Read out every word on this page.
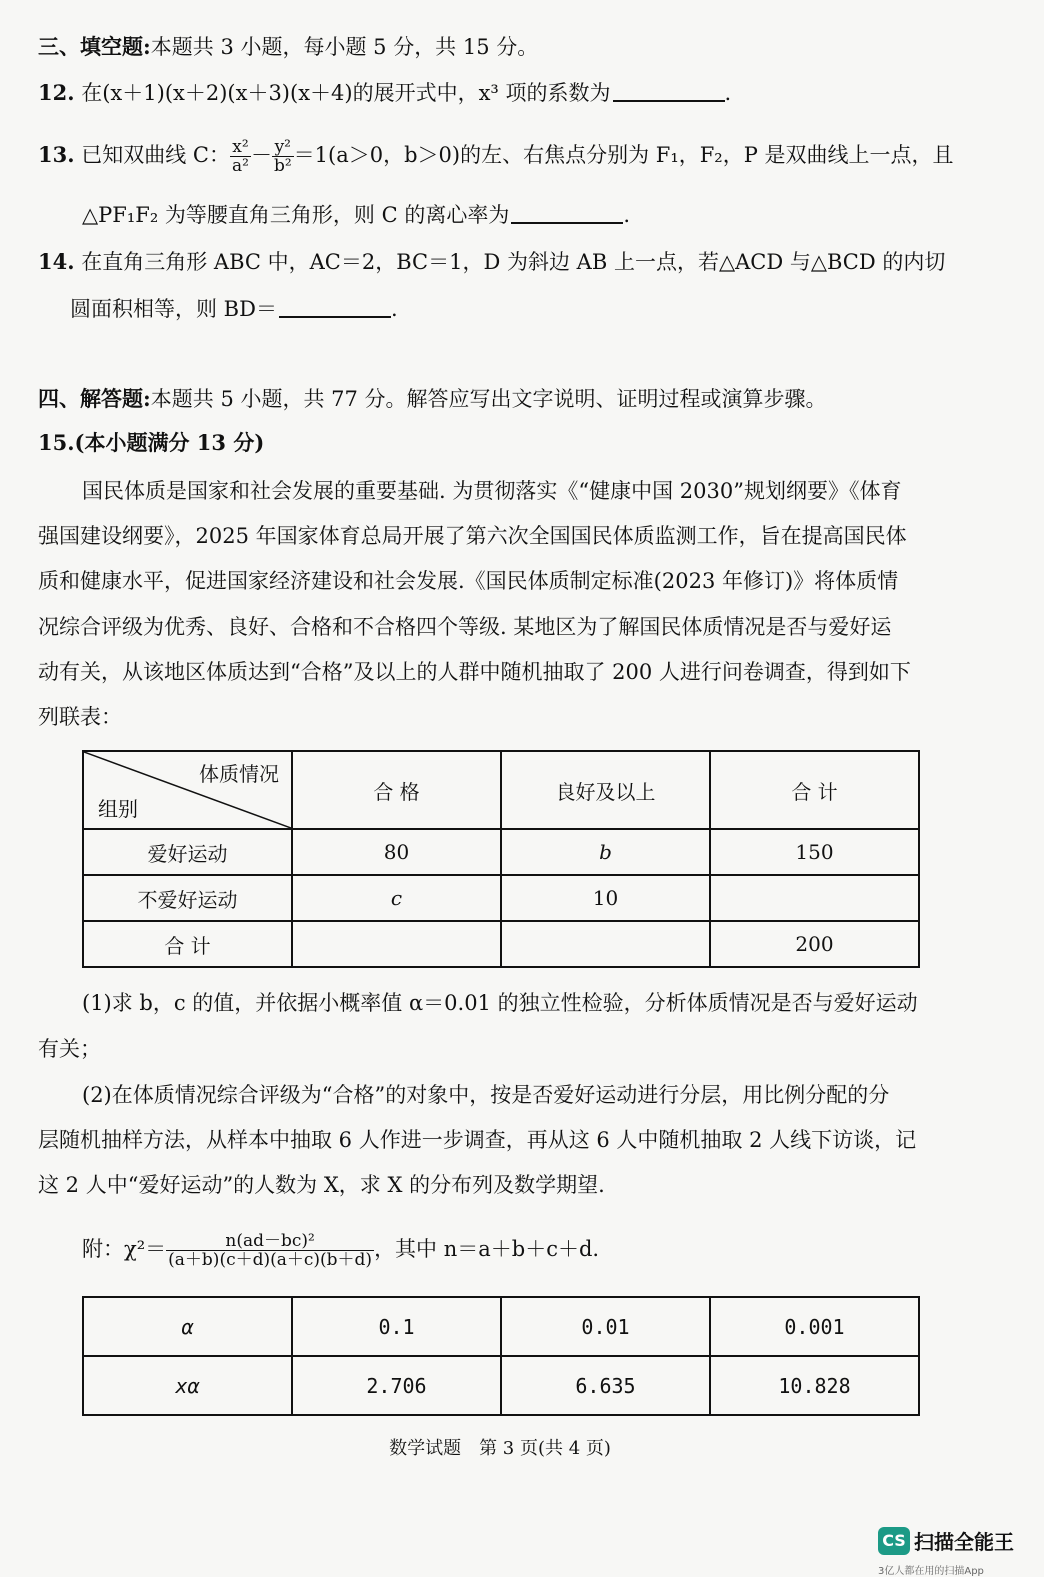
三、填空题:本题共 3 小题，每小题 5 分，共 15 分。
12. 在(x＋1)(x＋2)(x＋3)(x＋4)的展开式中，x³ 项的系数为	.
13. 已知双曲线 C： $\frac{\text{x²}}{\text{a²}} - \frac{\text{y²}}{\text{b²}} =1(a>0$，b＞0)的左、右焦点分别为 F₁，F₂，P 是双曲线上一点，且
△PF₁F₂ 为等腰直角三角形，则 C 的离心率为	.
14. 在直角三角形 ABC 中，AC＝2，BC＝1，D 为斜边 AB 上一点，若△ACD 与△BCD 的内切
圆面积相等，则 BD＝	.
四、解答题:本题共 5 小题，共 77 分。解答应写出文字说明、证明过程或演算步骤。
15.(本小题满分 13 分)
国民体质是国家和社会发展的重要基础. 为贯彻落实《“健康中国 2030”规划纲要》《体育
强国建设纲要》，2025 年国家体育总局开展了第六次全国国民体质监测工作，旨在提高国民体
质和健康水平，促进国家经济建设和社会发展.《国民体质制定标准(2023 年修订)》将体质情
况综合评级为优秀、良好、合格和不合格四个等级. 某地区为了解国民体质情况是否与爱好运
动有关，从该地区体质达到“合格”及以上的人群中随机抽取了 200 人进行问卷调查，得到如下
列联表：
体质情况
组别	合 格	良好及以上	合 计
爱好运动	80	b	150
不爱好运动	c	10	
合 计			200
(1)求 b，c 的值，并依据小概率值 α＝0.01 的独立性检验，分析体质情况是否与爱好运动
有关；
(2)在体质情况综合评级为“合格”的对象中，按是否爱好运动进行分层，用比例分配的分
层随机抽样方法，从样本中抽取 6 人作进一步调查，再从这 6 人中随机抽取 2 人线下访谈，记
这 2 人中“爱好运动”的人数为 X，求 X 的分布列及数学期望.
附：$\chi^2= \frac{\text{n(ad－bc)²}}{(a+b)(c+d)(a+c)(b+d)}$ ，其中 n＝a＋b＋c＋d.
α	0.1	0.01	0.001
xα	2.706	6.635	10.828
数学试题　第 3 页(共 4 页)
CS 扫描全能王
3亿人都在用的扫描App
